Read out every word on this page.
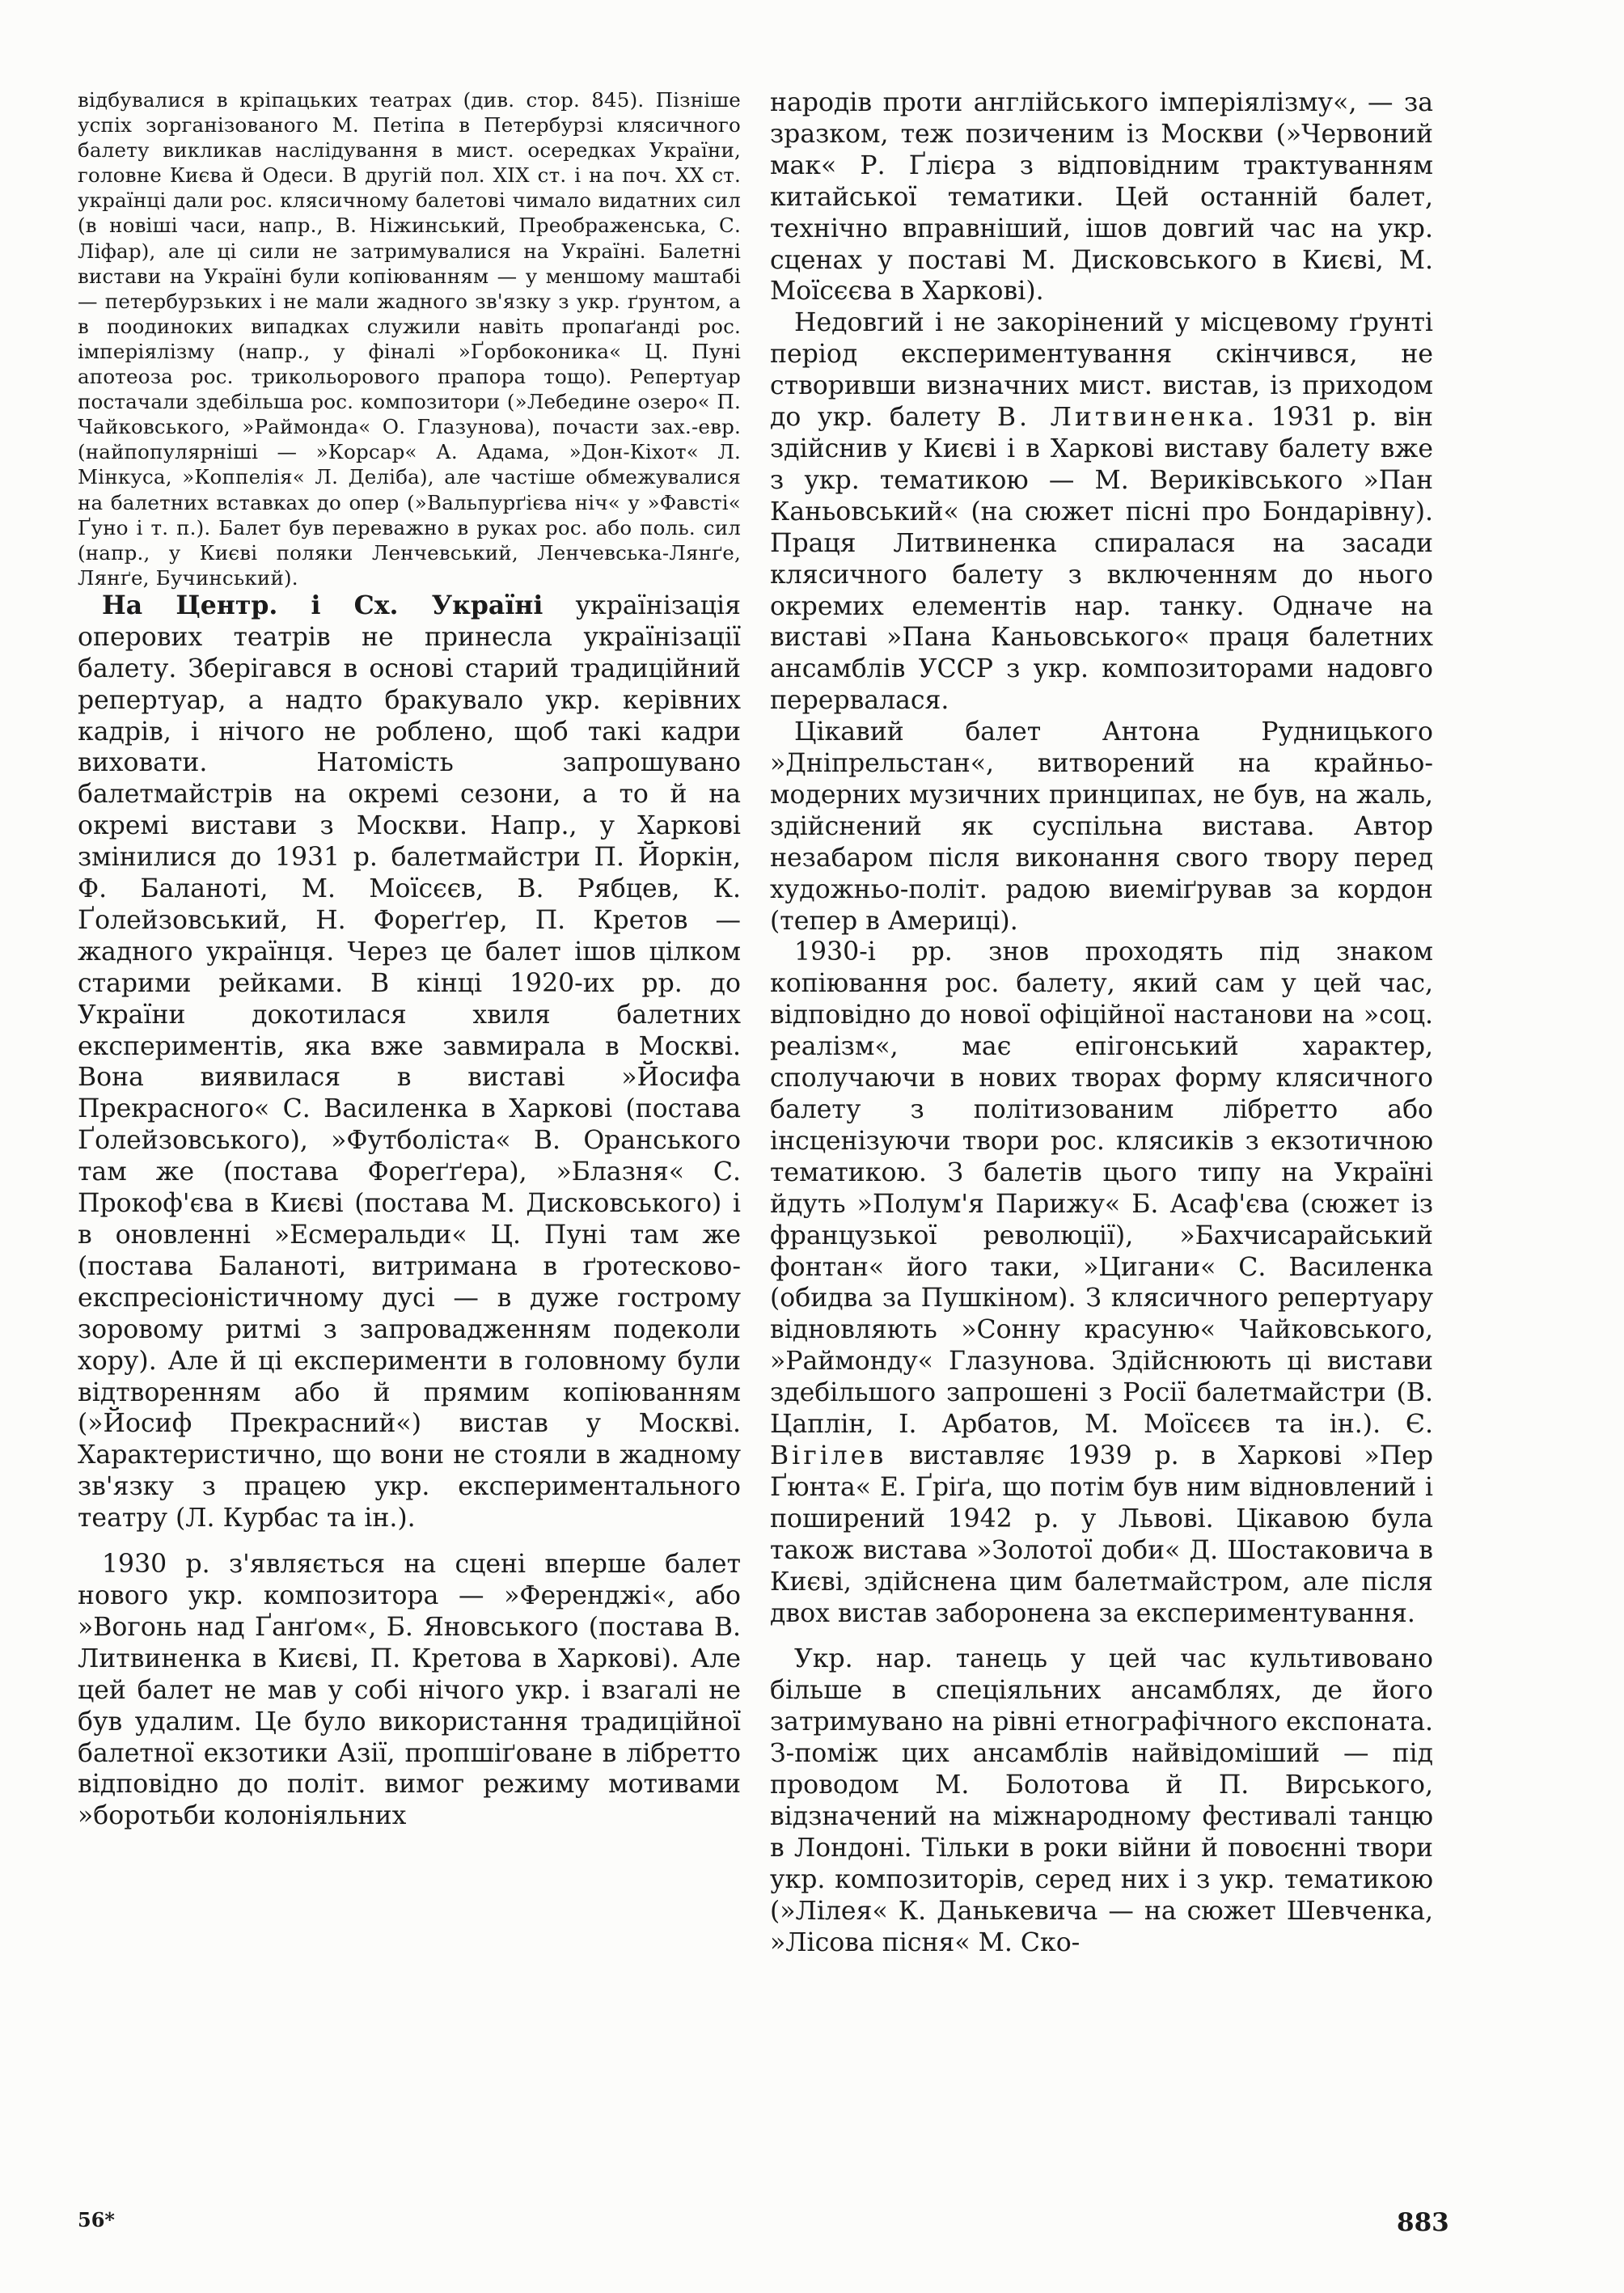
відбувалися в кріпацьких театрах (див. стор. 845). Пізніше успіх зорганізованого М. Петіпа в Петербурзі клясичного балету викликав наслідування в мист. осередках України, головне Києва й Одеси. В другій пол. XIX ст. і на поч. XX ст. українці дали рос. клясичному балетові чимало видатних сил (в новіші часи, напр., В. Ніжинський, Преображенська, С. Ліфар), але ці сили не затримувалися на Україні. Балетні вистави на Україні були копіюванням — у меншому маштабі — петербурзьких і не мали жадного зв'язку з укр. ґрунтом, а в поодиноких випадках служили навіть пропаґанді рос. імперіялізму (напр., у фіналі »Ґорбоконика« Ц. Пуні апотеоза рос. трикольорового прапора тощо). Репертуар постачали здебільша рос. композитори (»Лебедине озеро« П. Чайковського, »Раймонда« О. Глазунова), почасти зах.-евр. (найпопулярніші — »Корсар« А. Адама, »Дон-Кіхот« Л. Мінкуса, »Коппелія« Л. Деліба), але частіше обмежувалися на балетних вставках до опер (»Вальпурґієва ніч« у »Фавсті« Ґуно і т. п.). Балет був переважно в руках рос. або поль. сил (напр., у Києві поляки Ленчевський, Ленчевська-Лянґе, Лянґе, Бучинський).

На Центр. і Сх. Україні українізація оперових театрів не принесла українізації балету. Зберігався в основі старий традиційний репертуар, а надто бракувало укр. керівних кадрів, і нічого не роблено, щоб такі кадри виховати. Натомість запрошувано балетмайстрів на окремі сезони, а то й на окремі вистави з Москви. Напр., у Харкові змінилися до 1931 р. балетмайстри П. Йоркін, Ф. Баланоті, М. Моїсєєв, В. Рябцев, К. Ґолейзовський, Н. Фореґґер, П. Кретов — жадного українця. Через це балет ішов цілком старими рейками. В кінці 1920-их рр. до України докотилася хвиля балетних експериментів, яка вже завмирала в Москві. Вона виявилася в виставі »Йосифа Прекрасного« С. Василенка в Харкові (постава Ґолейзовського), »Футболіста« В. Оранського там же (постава Фореґґера), »Блазня« С. Прокоф'єва в Києві (постава М. Дисковського) і в оновленні »Есмеральди« Ц. Пуні там же (постава Баланоті, витримана в ґротесково-експресіоністичному дусі — в дуже гострому зоровому ритмі з запровадженням подеколи хору). Але й ці експерименти в головному були відтворенням або й прямим копіюванням (»Йосиф Прекрасний«) вистав у Москві. Характеристично, що вони не стояли в жадному зв'язку з працею укр. експериментального театру (Л. Курбас та ін.).

1930 р. з'являється на сцені вперше балет нового укр. композитора — »Ференджі«, або »Вогонь над Ґанґом«, Б. Яновського (постава В. Литвиненка в Києві, П. Кретова в Харкові). Але цей балет не мав у собі нічого укр. і взагалі не був удалим. Це було використання традиційної балетної екзотики Азії, пропшіґоване в лібретто відповідно до політ. вимог режиму мотивами »боротьби колоніяльних

народів проти англійського імперіялізму«, — за зразком, теж позиченим із Москви (»Червоний мак« Р. Ґлієра з відповідним трактуванням китайської тематики. Цей останній балет, технічно вправніший, ішов довгий час на укр. сценах у поставі М. Дисковського в Києві, М. Моїсєєва в Харкові).

Недовгий і не закорінений у місцевому ґрунті період експериментування скінчився, не створивши визначних мист. вистав, із приходом до укр. балету В. Литвиненка. 1931 р. він здійснив у Києві і в Харкові виставу балету вже з укр. тематикою — М. Вериківського »Пан Каньовський« (на сюжет пісні про Бондарівну). Праця Литвиненка спиралася на засади клясичного балету з включенням до нього окремих елементів нар. танку. Одначе на виставі »Пана Каньовського« праця балетних ансамблів УССР з укр. композиторами надовго перервалася.

Цікавий балет Антона Рудницького »Дніпрельстан«, витворений на крайньо-модерних музичних принципах, не був, на жаль, здійснений як суспільна вистава. Автор незабаром після виконання свого твору перед художньо-політ. радою виеміґрував за кордон (тепер в Америці).

1930-і рр. знов проходять під знаком копіювання рос. балету, який сам у цей час, відповідно до нової офіційної настанови на »соц. реалізм«, має епігонський характер, сполучаючи в нових творах форму клясичного балету з політизованим лібретто або інсценізуючи твори рос. клясиків з екзотичною тематикою. З балетів цього типу на Україні йдуть »Полум'я Парижу« Б. Асаф'єва (сюжет із французької революції), »Бахчисарайський фонтан« його таки, »Цигани« С. Василенка (обидва за Пушкіном). З клясичного репертуару відновляють »Сонну красуню« Чайковського, »Раймонду« Глазунова. Здійснюють ці вистави здебільшого запрошені з Росії балетмайстри (В. Цаплін, І. Арбатов, М. Моїсєєв та ін.). Є. Вігілев виставляє 1939 р. в Харкові »Пер Ґюнта« Е. Ґріґа, що потім був ним відновлений і поширений 1942 р. у Львові. Цікавою була також вистава »Золотої доби« Д. Шостаковича в Києві, здійснена цим балетмайстром, але після двох вистав заборонена за експериментування.

Укр. нар. танець у цей час культивовано більше в спеціяльних ансамблях, де його затримувано на рівні етнографічного експоната. З-поміж цих ансамблів найвідоміший — під проводом М. Болотова й П. Вирського, відзначений на міжнародному фестивалі танцю в Лондоні. Тільки в роки війни й повоєнні твори укр. композиторів, серед них і з укр. тематикою (»Лілея« К. Данькевича — на сюжет Шевченка, »Лісова пісня« М. Ско-

56*	883
